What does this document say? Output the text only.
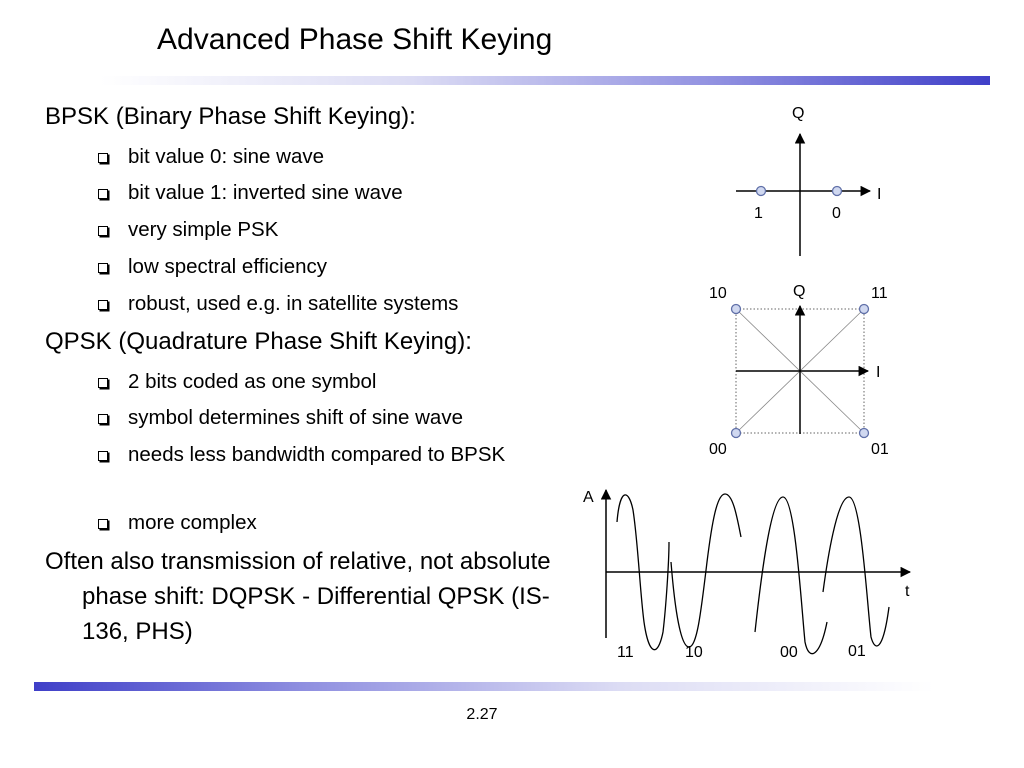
Advanced Phase Shift Keying
BPSK (Binary Phase Shift Keying):
bit value 0: sine wave
bit value 1: inverted sine wave
very simple PSK
low spectral efficiency
robust, used e.g. in satellite systems
QPSK (Quadrature Phase Shift Keying):
2 bits coded as one symbol
symbol determines shift of sine wave
needs less bandwidth compared to BPSK
more complex
Often also transmission of relative, not absolute phase shift: DQPSK - Differential QPSK (IS-136, PHS)
Q
I
1	0
Q
I
10	11
00	01
A
t
11	10	00	01
2.27
